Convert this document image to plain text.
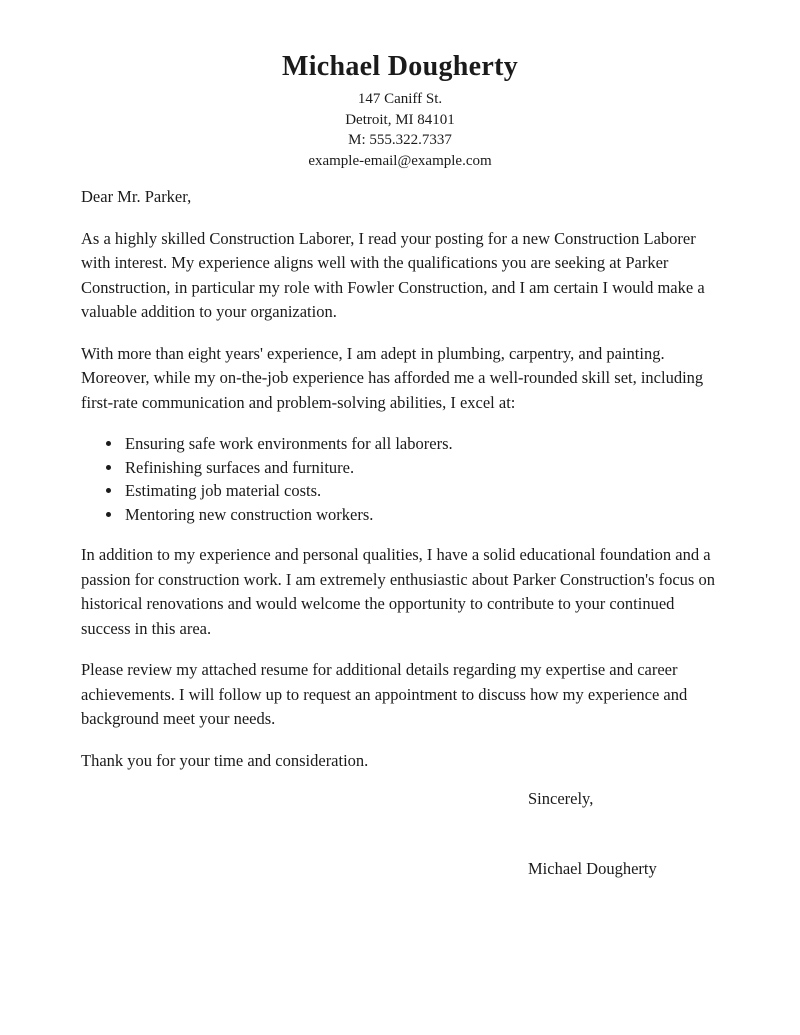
Michael Dougherty
147 Caniff St.
Detroit, MI 84101
M: 555.322.7337
example-email@example.com

Dear Mr. Parker,

As a highly skilled Construction Laborer, I read your posting for a new Construction Laborer with interest. My experience aligns well with the qualifications you are seeking at Parker Construction, in particular my role with Fowler Construction, and I am certain I would make a valuable addition to your organization.

With more than eight years' experience, I am adept in plumbing, carpentry, and painting. Moreover, while my on-the-job experience has afforded me a well-rounded skill set, including first-rate communication and problem-solving abilities, I excel at:

• Ensuring safe work environments for all laborers.
• Refinishing surfaces and furniture.
• Estimating job material costs.
• Mentoring new construction workers.

In addition to my experience and personal qualities, I have a solid educational foundation and a passion for construction work. I am extremely enthusiastic about Parker Construction's focus on historical renovations and would welcome the opportunity to contribute to your continued success in this area.

Please review my attached resume for additional details regarding my expertise and career achievements. I will follow up to request an appointment to discuss how my experience and background meet your needs.

Thank you for your time and consideration.

Sincerely,

Michael Dougherty
